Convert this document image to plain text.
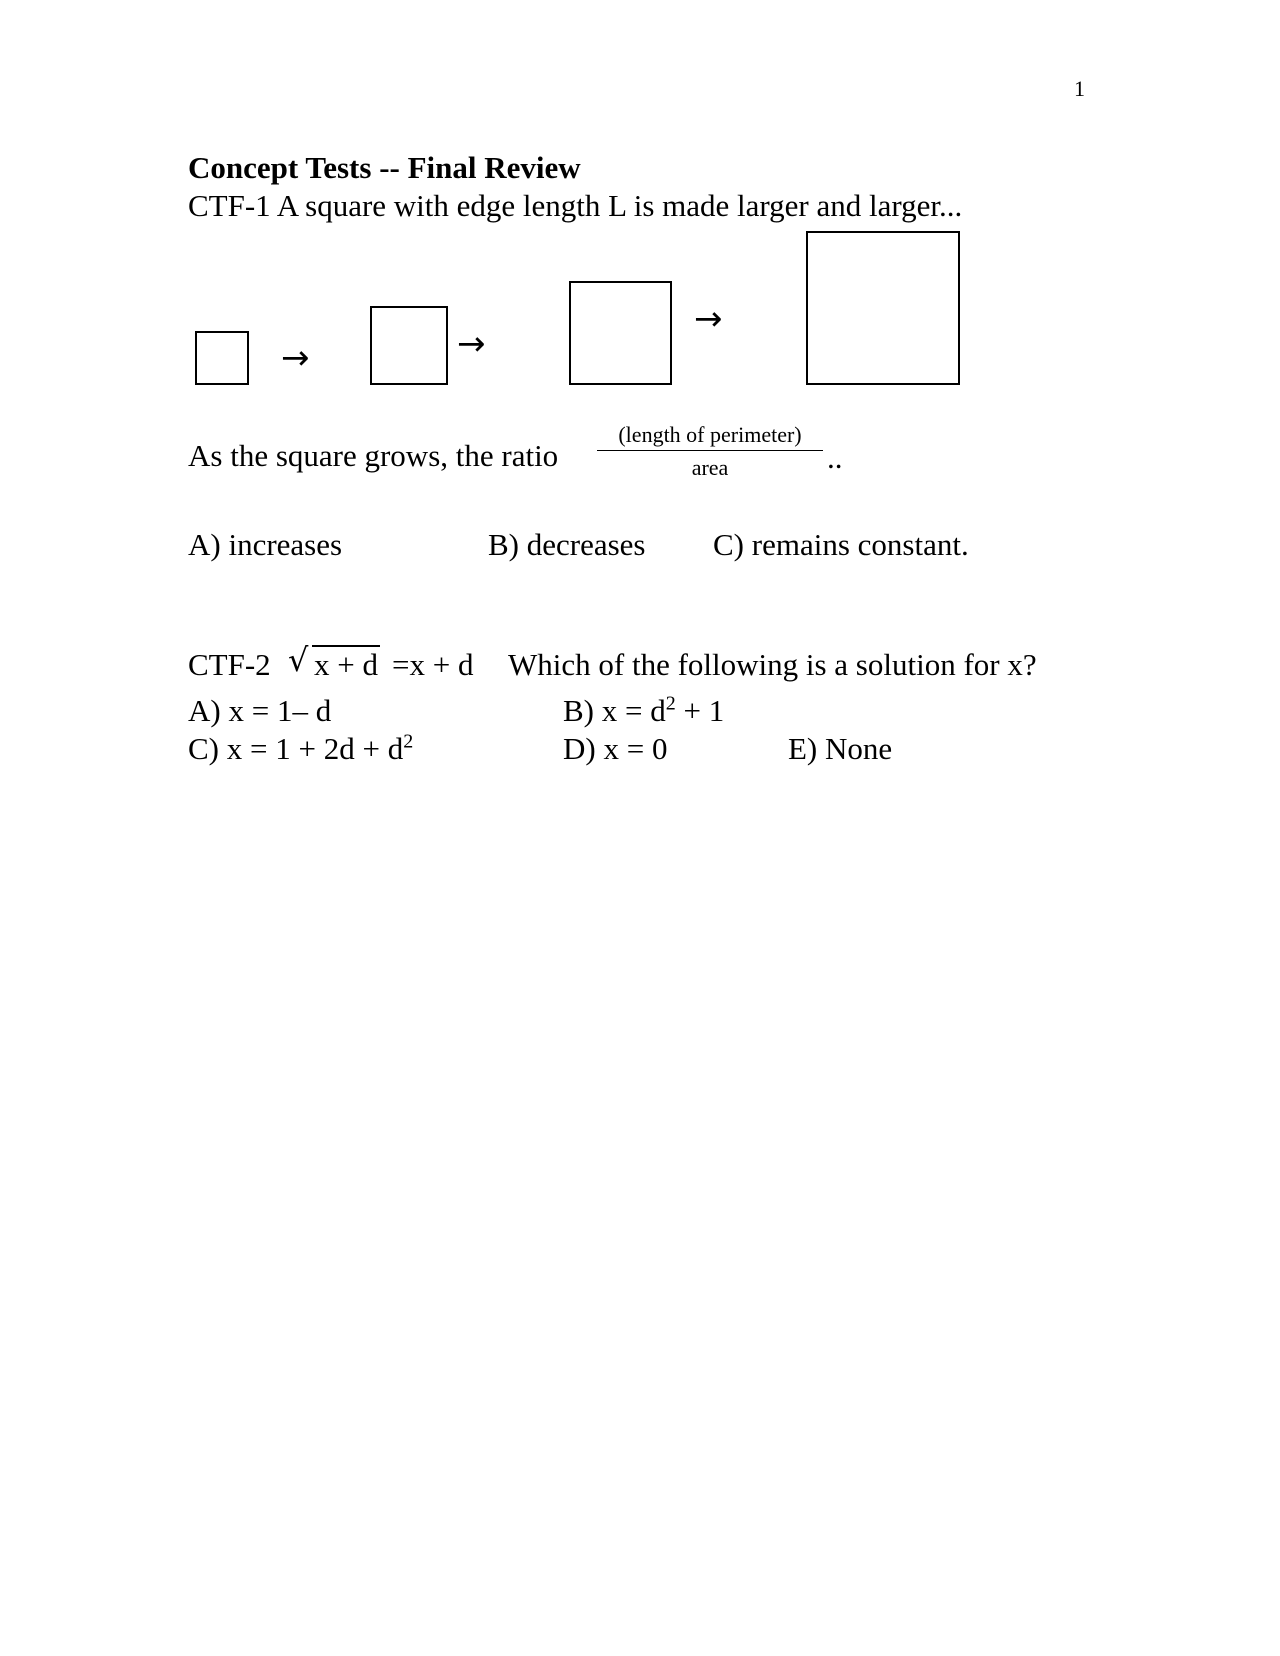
1
Concept Tests -- Final Review
CTF-1 A square with edge length L is made larger and larger...
→	→
→
As the square grows, the ratio
(length of perimeter)
area	..
A) increases	B) decreases C) remains constant.
CTF-2 √ x + d =x + d Which of the following is a solution for x?
A) x = 1– d	B) $x = d^2 + 1$
C) $x = 1 + 2d + d^2$	D) x = 0	E) None
